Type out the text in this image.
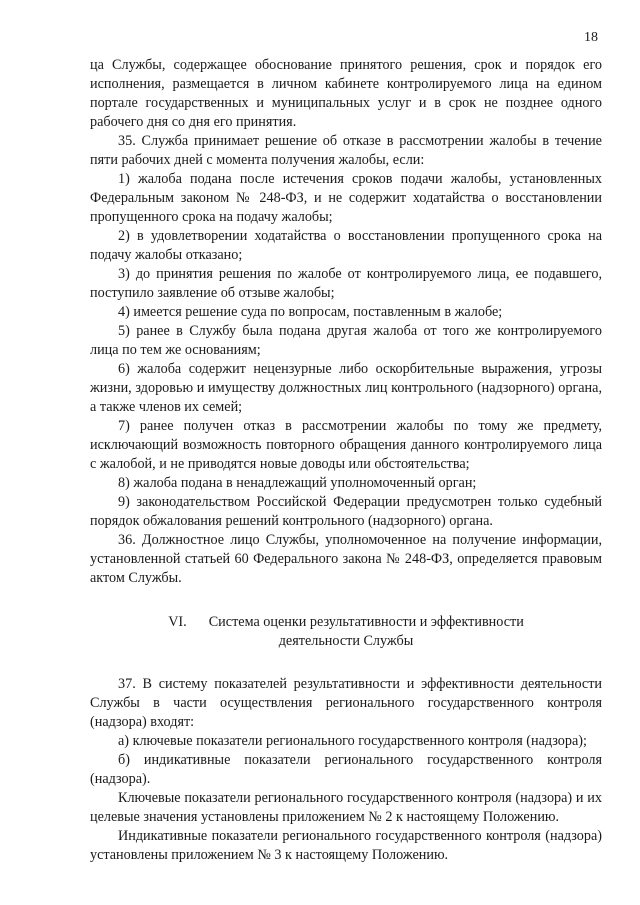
18

ца Службы, содержащее обоснование принятого решения, срок и порядок его исполнения, размещается в личном кабинете контролируемого лица на едином портале государственных и муниципальных услуг и в срок не позднее одного рабочего дня со дня его принятия.

35. Служба принимает решение об отказе в рассмотрении жалобы в течение пяти рабочих дней с момента получения жалобы, если:

1) жалоба подана после истечения сроков подачи жалобы, установленных Федеральным законом № 248-ФЗ, и не содержит ходатайства о восстановлении пропущенного срока на подачу жалобы;

2) в удовлетворении ходатайства о восстановлении пропущенного срока на подачу жалобы отказано;

3) до принятия решения по жалобе от контролируемого лица, ее подавшего, поступило заявление об отзыве жалобы;

4) имеется решение суда по вопросам, поставленным в жалобе;

5) ранее в Службу была подана другая жалоба от того же контролируемого лица по тем же основаниям;

6) жалоба содержит нецензурные либо оскорбительные выражения, угрозы жизни, здоровью и имуществу должностных лиц контрольного (надзорного) органа, а также членов их семей;

7) ранее получен отказ в рассмотрении жалобы по тому же предмету, исключающий возможность повторного обращения данного контролируемого лица с жалобой, и не приводятся новые доводы или обстоятельства;

8) жалоба подана в ненадлежащий уполномоченный орган;

9) законодательством Российской Федерации предусмотрен только судебный порядок обжалования решений контрольного (надзорного) органа.

36. Должностное лицо Службы, уполномоченное на получение информации, установленной статьей 60 Федерального закона № 248-ФЗ, определяется правовым актом Службы.

VI. Система оценки результативности и эффективности
деятельности Службы

37. В систему показателей результативности и эффективности деятельности Службы в части осуществления регионального государственного контроля (надзора) входят:

а) ключевые показатели регионального государственного контроля (надзора);

б) индикативные показатели регионального государственного контроля (надзора).

Ключевые показатели регионального государственного контроля (надзора) и их целевые значения установлены приложением № 2 к настоящему Положению.

Индикативные показатели регионального государственного контроля (надзора) установлены приложением № 3 к настоящему Положению.
